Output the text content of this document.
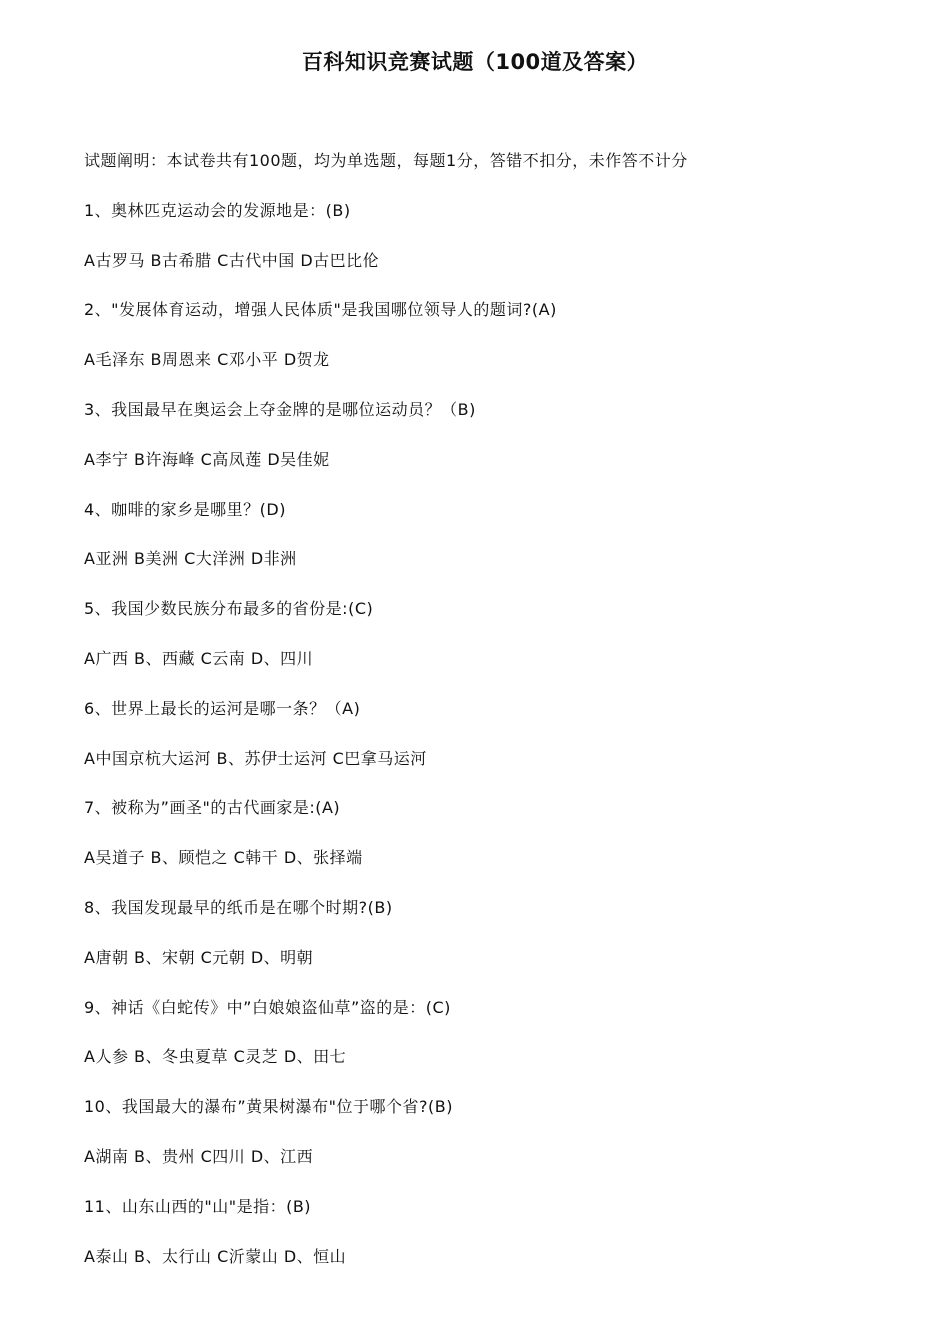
百科知识竞赛试题（100道及答案）
试题阐明：本试卷共有100题，均为单选题，每题1分，答错不扣分，未作答不计分
1、奥林匹克运动会的发源地是：(B)
A古罗马 B古希腊 C古代中国 D古巴比伦
2、"发展体育运动，增强人民体质"是我国哪位领导人的题词?(A)
A毛泽东 B周恩来 C邓小平 D贺龙
3、我国最早在奥运会上夺金牌的是哪位运动员？（B)
A李宁 B许海峰 C高凤莲 D吴佳妮
4、咖啡的家乡是哪里？(D)
A亚洲 B美洲 C大洋洲 D非洲
5、我国少数民族分布最多的省份是:(C)
A广西 B、西藏 C云南 D、四川
6、世界上最长的运河是哪一条？（A)
A中国京杭大运河 B、苏伊士运河 C巴拿马运河
7、被称为”画圣"的古代画家是:(A)
A吴道子 B、顾恺之 C韩干 D、张择端
8、我国发现最早的纸币是在哪个时期?(B)
A唐朝 B、宋朝 C元朝 D、明朝
9、神话《白蛇传》中”白娘娘盗仙草”盗的是：(C)
A人参 B、冬虫夏草 C灵芝 D、田七
10、我国最大的瀑布”黄果树瀑布"位于哪个省?(B)
A湖南 B、贵州 C四川 D、江西
11、山东山西的"山"是指：(B)
A泰山 B、太行山 C沂蒙山 D、恒山
